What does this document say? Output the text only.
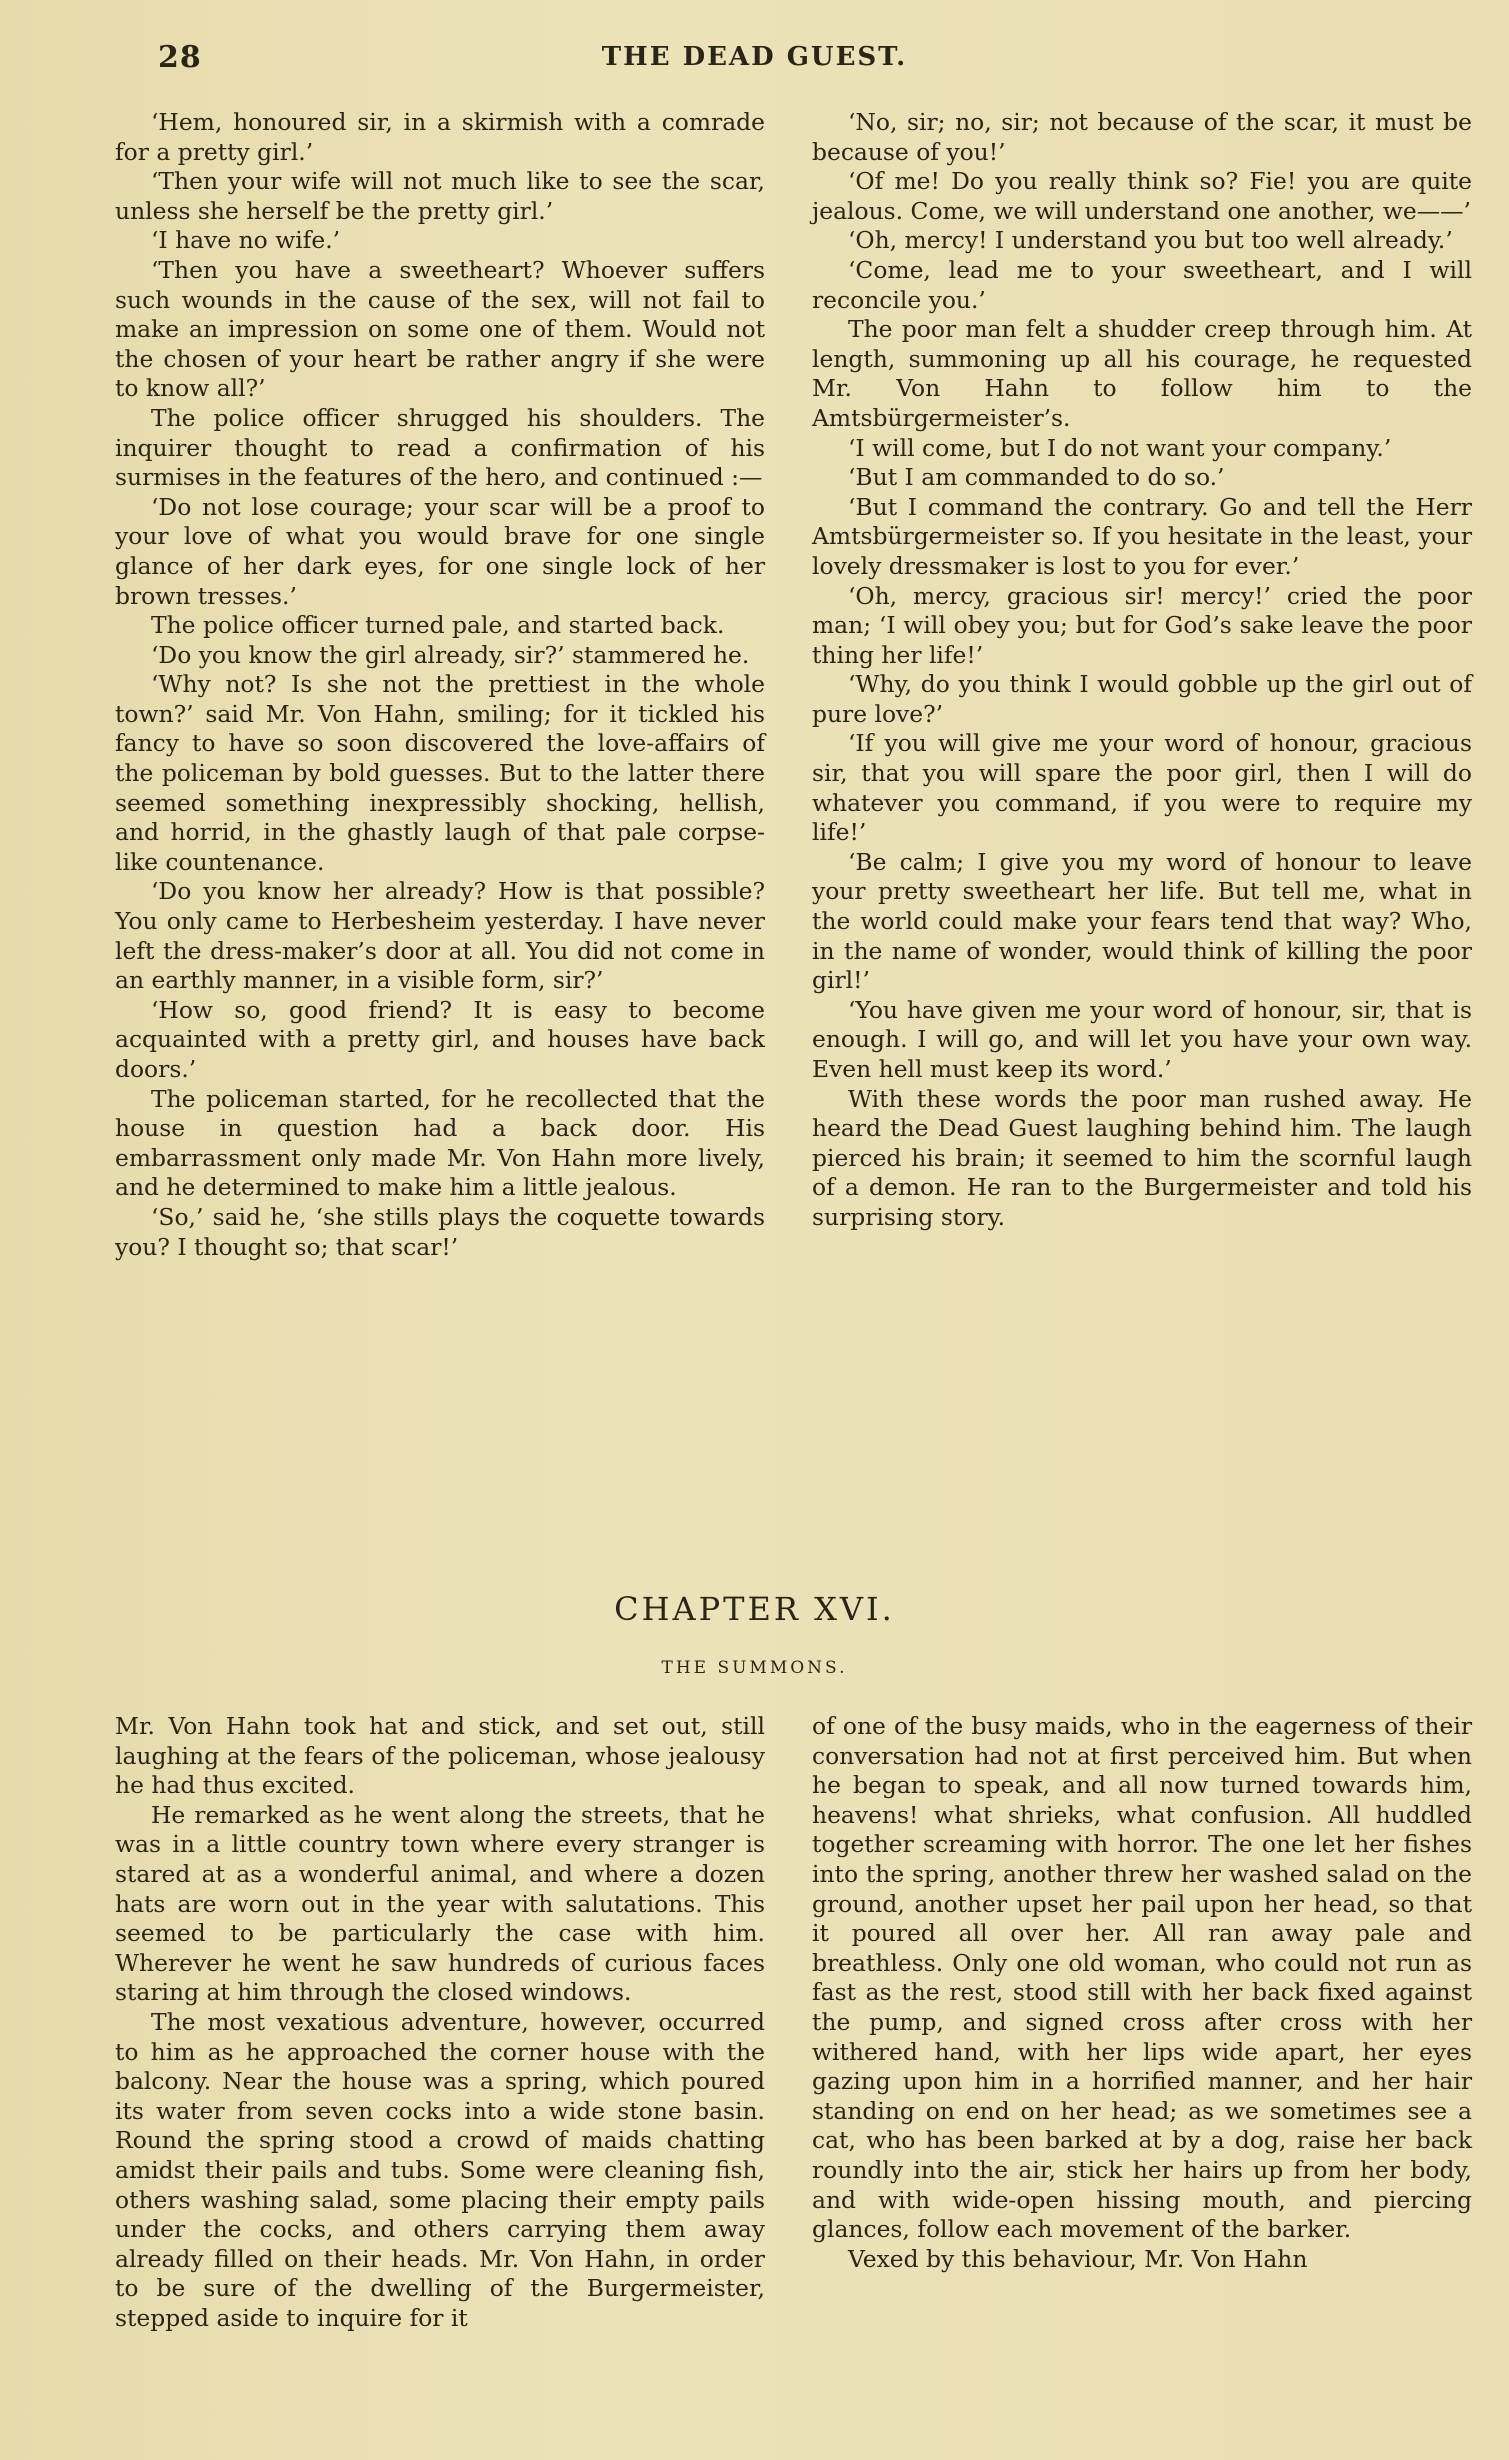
28	THE DEAD GUEST.

‘Hem, honoured sir, in a skirmish with a comrade for a pretty girl.’

‘Then your wife will not much like to see the scar, unless she herself be the pretty girl.’

‘I have no wife.’

‘Then you have a sweetheart? Whoever suffers such wounds in the cause of the sex, will not fail to make an impression on some one of them. Would not the chosen of your heart be rather angry if she were to know all?’

The police officer shrugged his shoulders. The inquirer thought to read a confirmation of his surmises in the features of the hero, and continued :—

‘Do not lose courage; your scar will be a proof to your love of what you would brave for one single glance of her dark eyes, for one single lock of her brown tresses.’

The police officer turned pale, and started back.

‘Do you know the girl already, sir?’ stammered he.

‘Why not? Is she not the prettiest in the whole town?’ said Mr. Von Hahn, smiling; for it tickled his fancy to have so soon discovered the love-affairs of the policeman by bold guesses. But to the latter there seemed something inexpressibly shocking, hellish, and horrid, in the ghastly laugh of that pale corpse-like countenance.

‘Do you know her already? How is that possible? You only came to Herbesheim yesterday. I have never left the dress-maker’s door at all. You did not come in an earthly manner, in a visible form, sir?’

‘How so, good friend? It is easy to become acquainted with a pretty girl, and houses have back doors.’

The policeman started, for he recollected that the house in question had a back door. His embarrassment only made Mr. Von Hahn more lively, and he determined to make him a little jealous.

‘So,’ said he, ‘she stills plays the coquette towards you? I thought so; that scar!’

‘No, sir; no, sir; not because of the scar, it must be because of you!’

‘Of me! Do you really think so? Fie! you are quite jealous. Come, we will understand one another, we——’

‘Oh, mercy! I understand you but too well already.’

‘Come, lead me to your sweetheart, and I will reconcile you.’

The poor man felt a shudder creep through him. At length, summoning up all his courage, he requested Mr. Von Hahn to follow him to the Amtsbürgermeister’s.

‘I will come, but I do not want your company.’

‘But I am commanded to do so.’

‘But I command the contrary. Go and tell the Herr Amtsbürgermeister so. If you hesitate in the least, your lovely dressmaker is lost to you for ever.’

‘Oh, mercy, gracious sir! mercy!’ cried the poor man; ‘I will obey you; but for God’s sake leave the poor thing her life!’

‘Why, do you think I would gobble up the girl out of pure love?’

‘If you will give me your word of honour, gracious sir, that you will spare the poor girl, then I will do whatever you command, if you were to require my life!’

‘Be calm; I give you my word of honour to leave your pretty sweetheart her life. But tell me, what in the world could make your fears tend that way? Who, in the name of wonder, would think of killing the poor girl!’

‘You have given me your word of honour, sir, that is enough. I will go, and will let you have your own way. Even hell must keep its word.’

With these words the poor man rushed away. He heard the Dead Guest laughing behind him. The laugh pierced his brain; it seemed to him the scornful laugh of a demon. He ran to the Burgermeister and told his surprising story.

CHAPTER XVI.
THE SUMMONS.

Mr. Von Hahn took hat and stick, and set out, still laughing at the fears of the policeman, whose jealousy he had thus excited.

He remarked as he went along the streets, that he was in a little country town where every stranger is stared at as a wonderful animal, and where a dozen hats are worn out in the year with salutations. This seemed to be particularly the case with him. Wherever he went he saw hundreds of curious faces staring at him through the closed windows.

The most vexatious adventure, however, occurred to him as he approached the corner house with the balcony. Near the house was a spring, which poured its water from seven cocks into a wide stone basin. Round the spring stood a crowd of maids chatting amidst their pails and tubs. Some were cleaning fish, others washing salad, some placing their empty pails under the cocks, and others carrying them away already filled on their heads. Mr. Von Hahn, in order to be sure of the dwelling of the Burgermeister, stepped aside to inquire for it

of one of the busy maids, who in the eagerness of their conversation had not at first perceived him. But when he began to speak, and all now turned towards him, heavens! what shrieks, what confusion. All huddled together screaming with horror. The one let her fishes into the spring, another threw her washed salad on the ground, another upset her pail upon her head, so that it poured all over her. All ran away pale and breathless. Only one old woman, who could not run as fast as the rest, stood still with her back fixed against the pump, and signed cross after cross with her withered hand, with her lips wide apart, her eyes gazing upon him in a horrified manner, and her hair standing on end on her head; as we sometimes see a cat, who has been barked at by a dog, raise her back roundly into the air, stick her hairs up from her body, and with wide-open hissing mouth, and piercing glances, follow each movement of the barker.

Vexed by this behaviour, Mr. Von Hahn
